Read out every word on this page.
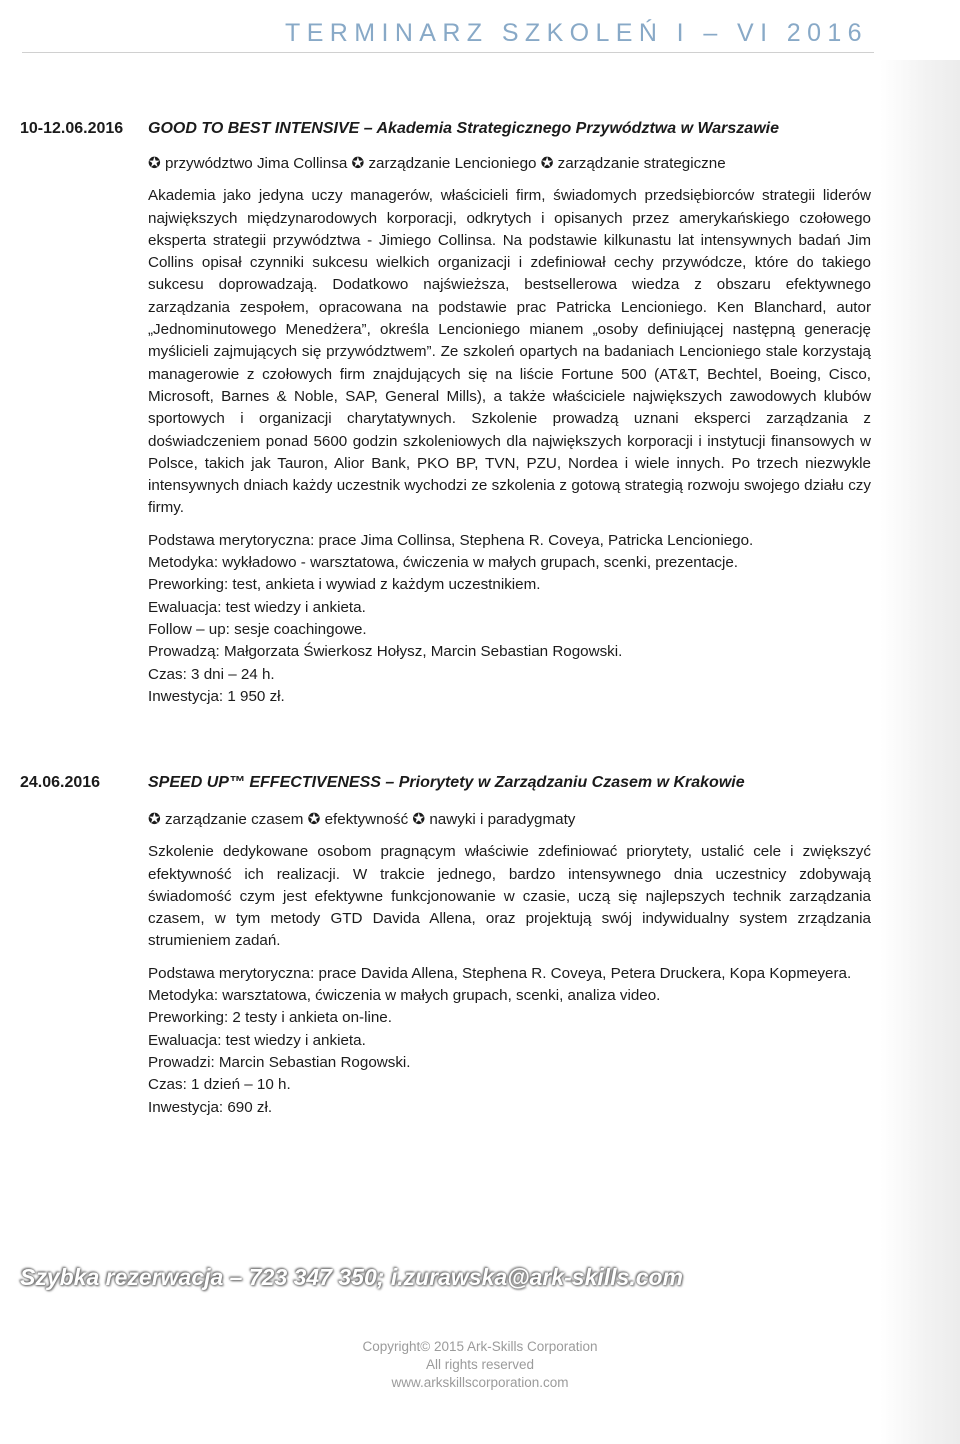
TERMINARZ SZKOLEŃ I – VI 2016
10-12.06.2016 GOOD TO BEST INTENSIVE – Akademia Strategicznego Przywództwa w Warszawie

✪ przywództwo Jima Collinsa ✪ zarządzanie Lencioniego ✪ zarządzanie strategiczne

Akademia jako jedyna uczy managerów, właścicieli firm, świadomych przedsiębiorców strategii liderów największych międzynarodowych korporacji, odkrytych i opisanych przez amerykańskiego czołowego eksperta strategii przywództwa - Jimiego Collinsa. Na podstawie kilkunastu lat intensywnych badań Jim Collins opisał czynniki sukcesu wielkich organizacji i zdefiniował cechy przywódcze, które do takiego sukcesu doprowadzają. Dodatkowo najświeższa, bestsellerowa wiedza z obszaru efektywnego zarządzania zespołem, opracowana na podstawie prac Patricka Lencioniego. Ken Blanchard, autor „Jednominutowego Menedżera”, określa Lencioniego mianem „osoby definiującej następną generację myślicieli zajmujących się przywództwem”. Ze szkoleń opartych na badaniach Lencioniego stale korzystają managerowie z czołowych firm znajdujących się na liście Fortune 500 (AT&T, Bechtel, Boeing, Cisco, Microsoft, Barnes & Noble, SAP, General Mills), a także właściciele największych zawodowych klubów sportowych i organizacji charytatywnych. Szkolenie prowadzą uznani eksperci zarządzania z doświadczeniem ponad 5600 godzin szkoleniowych dla największych korporacji i instytucji finansowych w Polsce, takich jak Tauron, Alior Bank, PKO BP, TVN, PZU, Nordea i wiele innych. Po trzech niezwykle intensywnych dniach każdy uczestnik wychodzi ze szkolenia z gotową strategią rozwoju swojego działu czy firmy.

Podstawa merytoryczna: prace Jima Collinsa, Stephena R. Coveya, Patricka Lencioniego.
Metodyka: wykładowo - warsztatowa, ćwiczenia w małych grupach, scenki, prezentacje.
Preworking: test, ankieta i wywiad z każdym uczestnikiem.
Ewaluacja: test wiedzy i ankieta.
Follow – up: sesje coachingowe.
Prowadzą: Małgorzata Świerkosz Hołysz, Marcin Sebastian Rogowski.
Czas: 3 dni – 24 h.
Inwestycja: 1 950 zł.
24.06.2016	SPEED UP™ EFFECTIVENESS – Priorytety w Zarządzaniu Czasem w Krakowie

✪ zarządzanie czasem ✪ efektywność ✪ nawyki i paradygmaty

Szkolenie dedykowane osobom pragnącym właściwie zdefiniować priorytety, ustalić cele i zwiększyć efektywność ich realizacji. W trakcie jednego, bardzo intensywnego dnia uczestnicy zdobywają świadomość czym jest efektywne funkcjonowanie w czasie, uczą się najlepszych technik zarządzania czasem, w tym metody GTD Davida Allena, oraz projektują swój indywidualny system zrządzania strumieniem zadań.

Podstawa merytoryczna: prace Davida Allena, Stephena R. Coveya, Petera Druckera, Kopa Kopmeyera.
Metodyka: warsztatowa, ćwiczenia w małych grupach, scenki, analiza video.
Preworking: 2 testy i ankieta on-line.
Ewaluacja: test wiedzy i ankieta.
Prowadzi: Marcin Sebastian Rogowski.
Czas: 1 dzień – 10 h.
Inwestycja: 690 zł.
Szybka rezerwacja – 723 347 350; i.zurawska@ark-skills.com
Copyright© 2015 Ark-Skills Corporation
All rights reserved
www.arkskillscorporation.com
